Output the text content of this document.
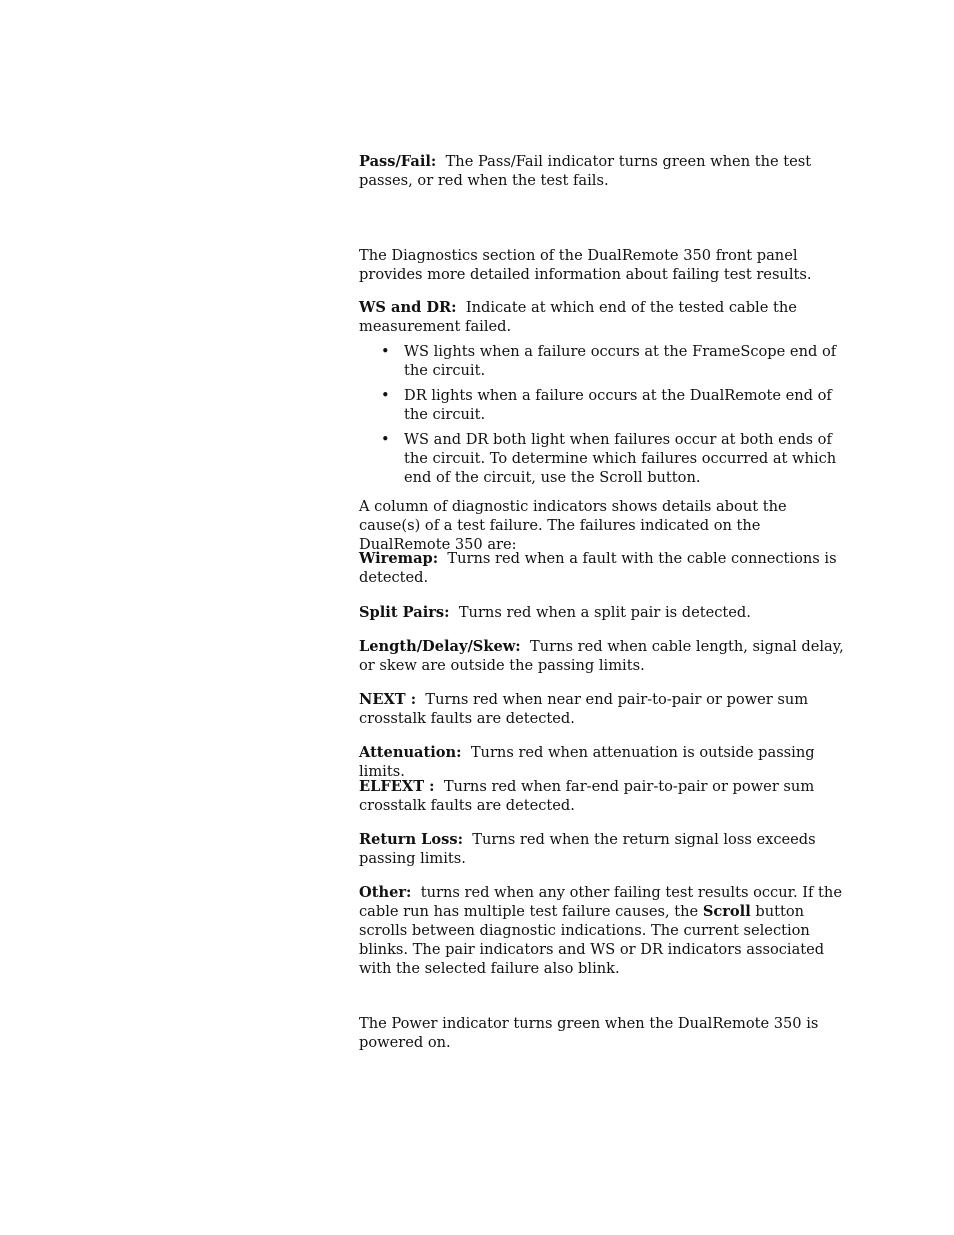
Pass/Fail: The Pass/Fail indicator turns green when the test passes, or red when the test fails.

The Diagnostics section of the DualRemote 350 front panel provides more detailed information about failing test results.

WS and DR: Indicate at which end of the tested cable the measurement failed.

• WS lights when a failure occurs at the FrameScope end of the circuit.
• DR lights when a failure occurs at the DualRemote end of the circuit.
• WS and DR both light when failures occur at both ends of the circuit. To determine which failures occurred at which end of the circuit, use the Scroll button.

A column of diagnostic indicators shows details about the cause(s) of a test failure. The failures indicated on the DualRemote 350 are:

Wiremap: Turns red when a fault with the cable connections is detected.

Split Pairs: Turns red when a split pair is detected.

Length/Delay/Skew: Turns red when cable length, signal delay, or skew are outside the passing limits.

NEXT : Turns red when near end pair-to-pair or power sum crosstalk faults are detected.

Attenuation: Turns red when attenuation is outside passing limits.

ELFEXT : Turns red when far-end pair-to-pair or power sum crosstalk faults are detected.

Return Loss: Turns red when the return signal loss exceeds passing limits.

Other: turns red when any other failing test results occur. If the cable run has multiple test failure causes, the Scroll button scrolls between diagnostic indications. The current selection blinks. The pair indicators and WS or DR indicators associated with the selected failure also blink.

The Power indicator turns green when the DualRemote 350 is powered on.
